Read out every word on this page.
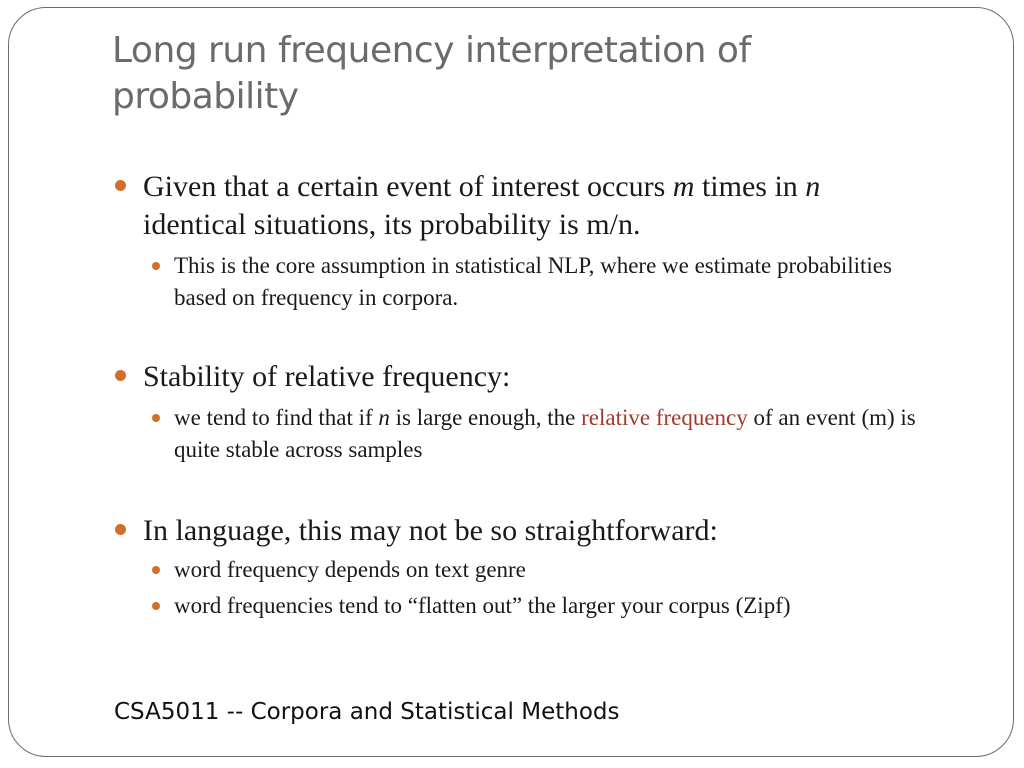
Long run frequency interpretation of probability
Given that a certain event of interest occurs m times in n identical situations, its probability is m/n.
This is the core assumption in statistical NLP, where we estimate probabilities based on frequency in corpora.
Stability of relative frequency:
we tend to find that if n is large enough, the relative frequency of an event (m) is quite stable across samples
In language, this may not be so straightforward:
word frequency depends on text genre
word frequencies tend to “flatten out” the larger your corpus (Zipf)
CSA5011 -- Corpora and Statistical Methods
